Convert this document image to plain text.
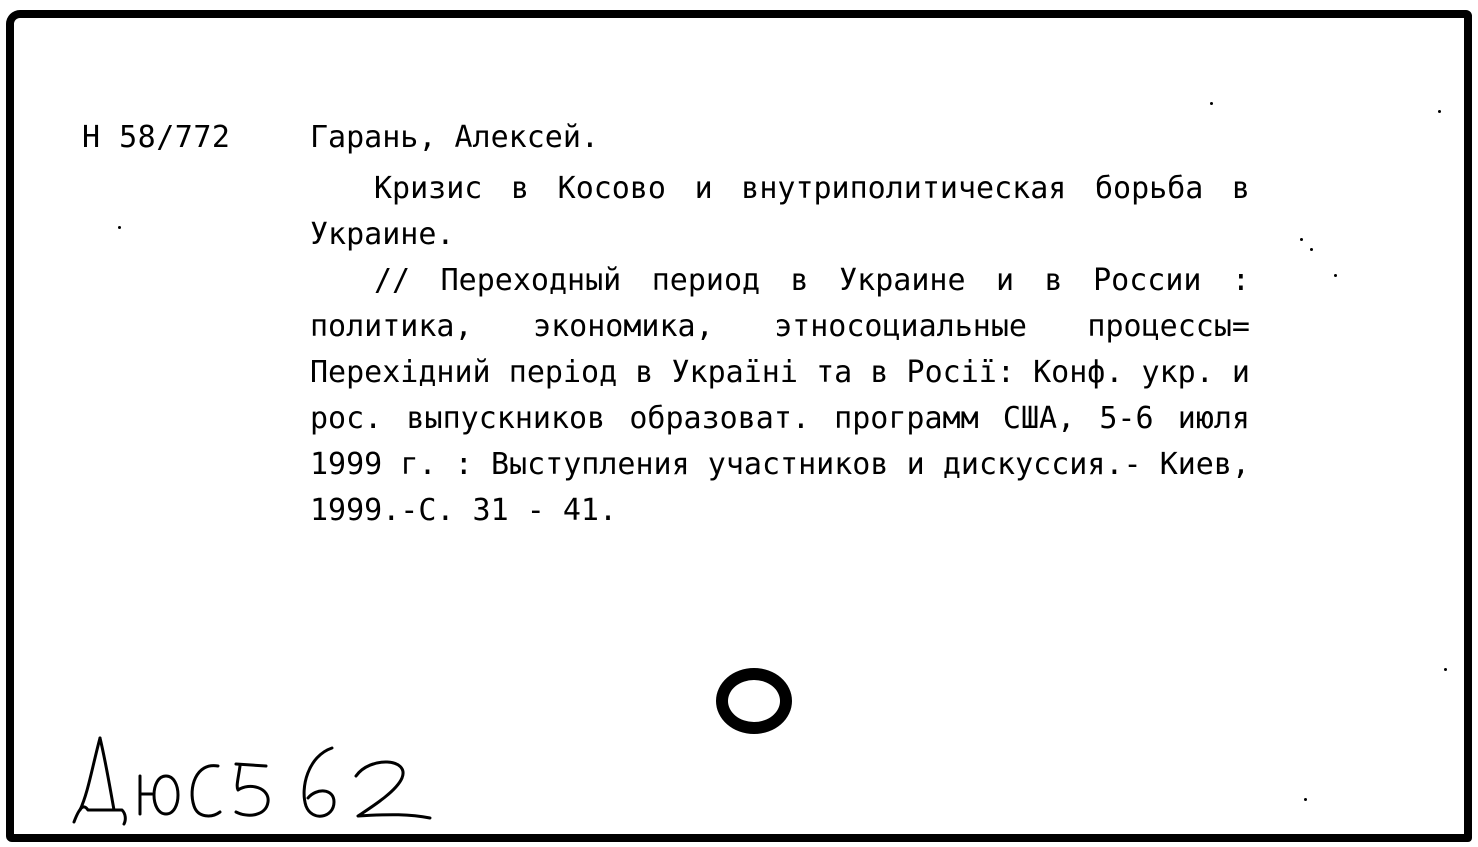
Н 58/772	Гарань, Алексей.

Кризис в Косово и внутриполитическая борьба в Украине.

// Переходный период в Украине и в России : политика, экономика, этносоциальные процессы= Перехідний період в Україні та в Росії: Конф. укр. и рос. выпускников образоват. программ США, 5-6 июля 1999 г. : Выступления участников и дискуссия.- Киев, 1999.-С. 31 - 41.
